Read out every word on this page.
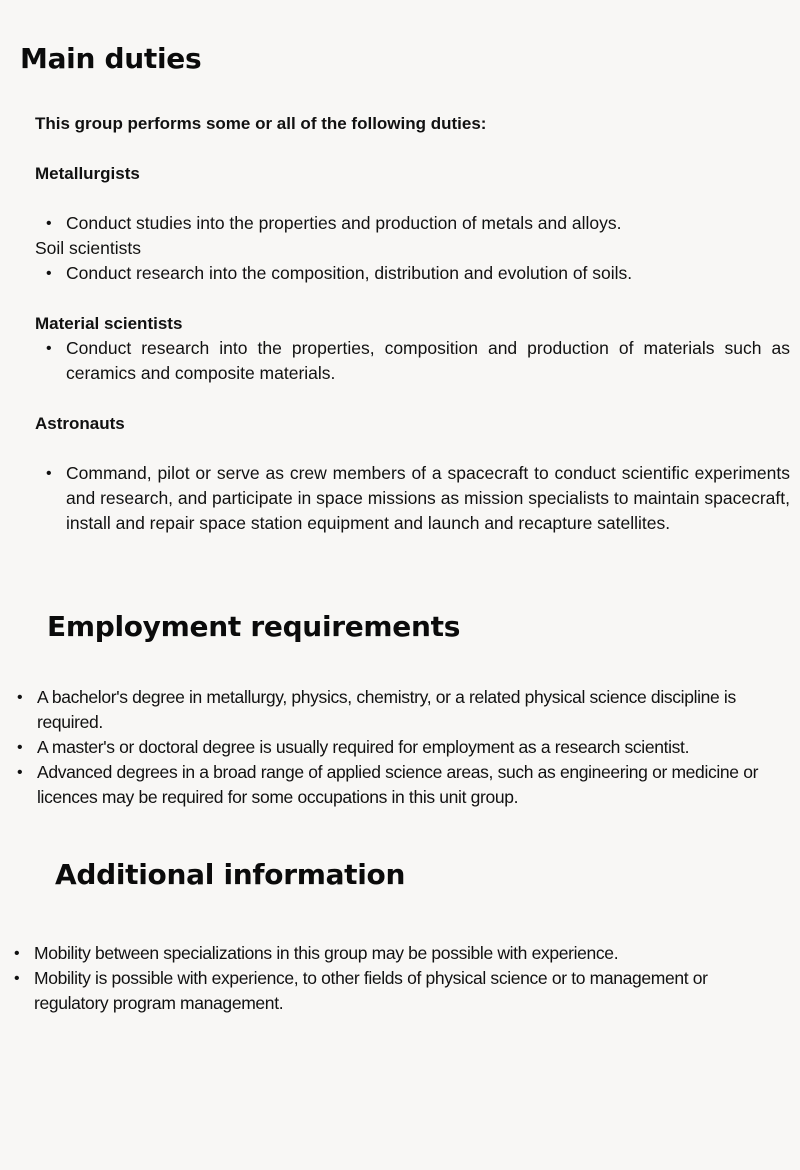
Main duties
This group performs some or all of the following duties:
Metallurgists
• Conduct studies into the properties and production of metals and alloys.
Soil scientists
• Conduct research into the composition, distribution and evolution of soils.
Material scientists
• Conduct research into the properties, composition and production of materials such as ceramics and composite materials.
Astronauts
• Command, pilot or serve as crew members of a spacecraft to conduct scientific experiments and research, and participate in space missions as mission specialists to maintain spacecraft, install and repair space station equipment and launch and recapture satellites.
Employment requirements
• A bachelor's degree in metallurgy, physics, chemistry, or a related physical science discipline is required.
• A master's or doctoral degree is usually required for employment as a research scientist.
• Advanced degrees in a broad range of applied science areas, such as engineering or medicine or licences may be required for some occupations in this unit group.
Additional information
• Mobility between specializations in this group may be possible with experience.
• Mobility is possible with experience, to other fields of physical science or to management or regulatory program management.
